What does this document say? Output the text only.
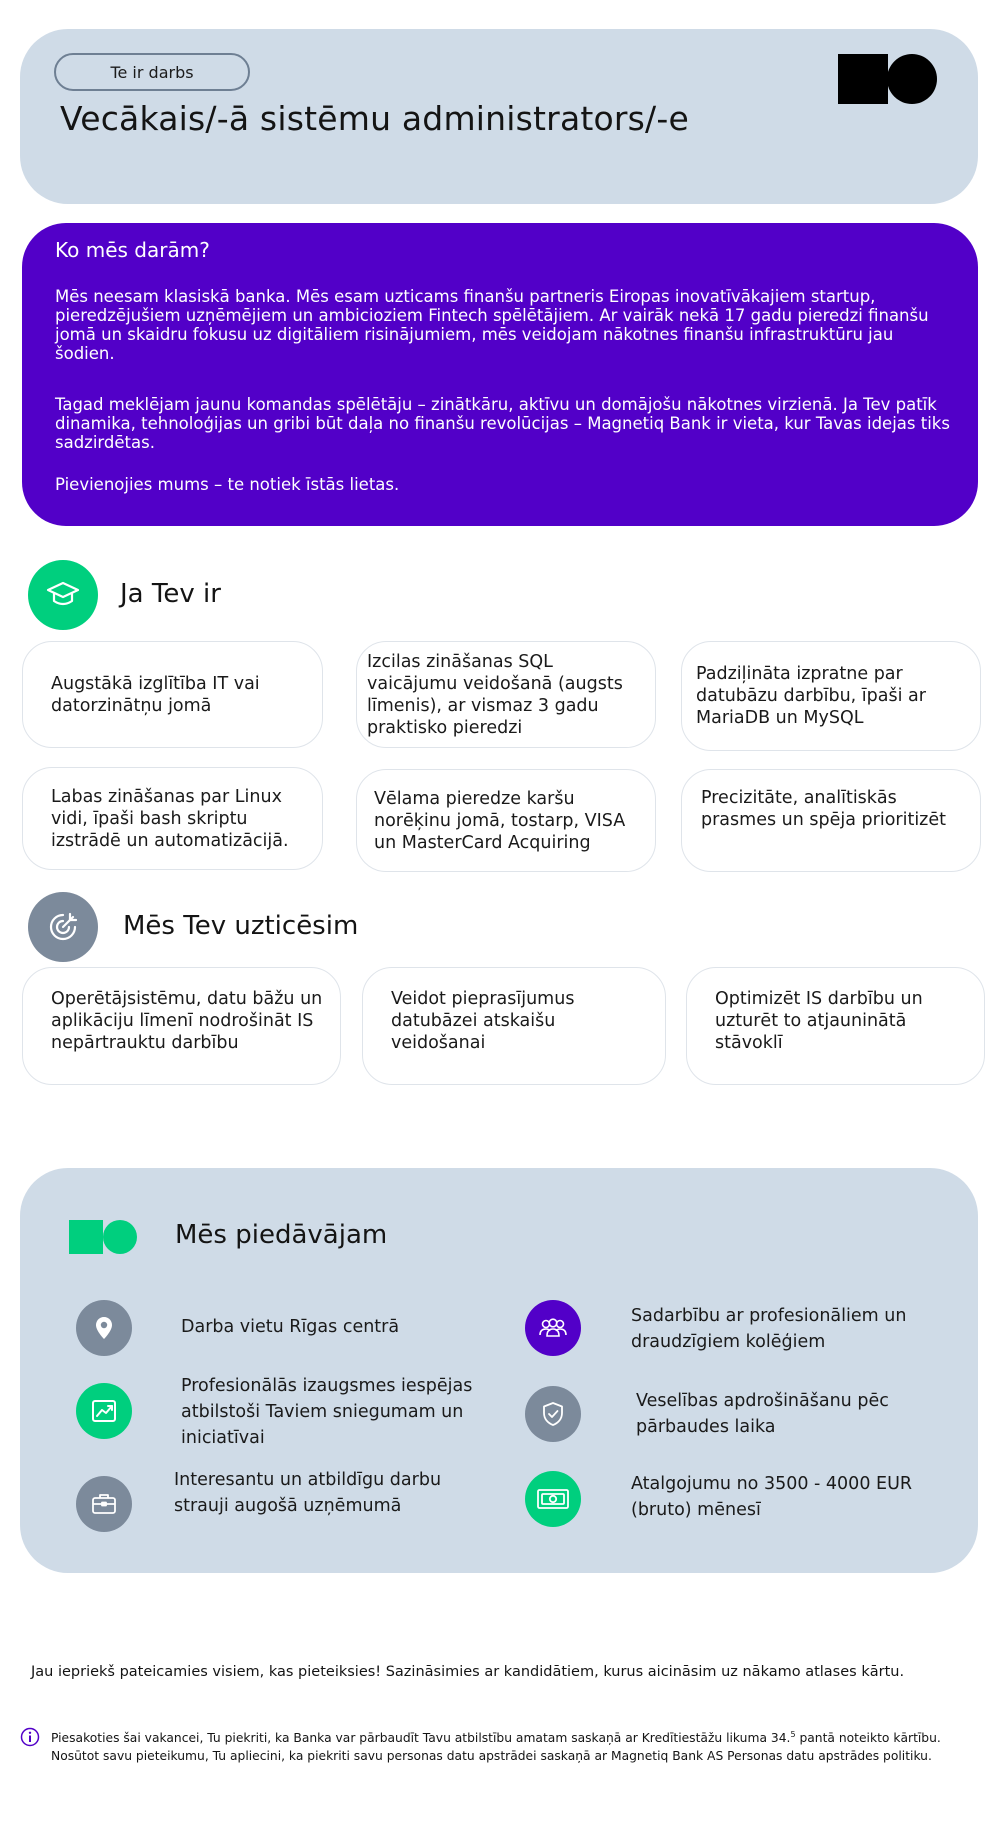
Te ir darbs
Vecākais/-ā sistēmu administrators/-e
Ko mēs darām?

Mēs neesam klasiskā banka. Mēs esam uzticams finanšu partneris Eiropas inovatīvākajiem startup, pieredzējušiem uzņēmējiem un ambicioziem Fintech spēlētājiem. Ar vairāk nekā 17 gadu pieredzi finanšu jomā un skaidru fokusu uz digitāliem risinājumiem, mēs veidojam nākotnes finanšu infrastruktūru jau šodien.

Tagad meklējam jaunu komandas spēlētāju – zinātkāru, aktīvu un domājošu nākotnes virzienā. Ja Tev patīk dinamika, tehnoloģijas un gribi būt daļa no finanšu revolūcijas – Magnetiq Bank ir vieta, kur Tavas idejas tiks sadzirdētas.

Pievienojies mums – te notiek īstās lietas.

Ja Tev ir
Augstākā izglītība IT vai datorzinātņu jomā
Izcilas zināšanas SQL vaicājumu veidošanā (augsts līmenis), ar vismaz 3 gadu praktisko pieredzi
Padziļināta izpratne par datubāzu darbību, īpaši ar MariaDB un MySQL
Labas zināšanas par Linux vidi, īpaši bash skriptu izstrādē un automatizācijā.
Vēlama pieredze karšu norēķinu jomā, tostarp, VISA un MasterCard Acquiring
Precizitāte, analītiskās prasmes un spēja prioritizēt
Mēs Tev uzticēsim
Operētājsistēmu, datu bāžu un aplikāciju līmenī nodrošināt IS nepārtrauktu darbību
Veidot pieprasījumus datubāzei atskaišu veidošanai
Optimizēt IS darbību un uzturēt to atjauninātā stāvoklī
Mēs piedāvājam
Darba vietu Rīgas centrā
Profesionālās izaugsmes iespējas atbilstoši Taviem sniegumam un iniciatīvai
Interesantu un atbildīgu darbu strauji augošā uzņēmumā
Sadarbību ar profesionāliem un draudzīgiem kolēģiem
Veselības apdrošināšanu pēc pārbaudes laika
Atalgojumu no 3500 - 4000 EUR (bruto) mēnesī
Jau iepriekš pateicamies visiem, kas pieteiksies! Sazināsimies ar kandidātiem, kurus aicināsim uz nākamo atlases kārtu.
Piesakoties šai vakancei, Tu piekriti, ka Banka var pārbaudīt Tavu atbilstību amatam saskaņā ar Kredītiestāžu likuma 34.$^5$ pantā noteikto kārtību.
Nosūtot savu pieteikumu, Tu apliecini, ka piekriti savu personas datu apstrādei saskaņā ar Magnetiq Bank AS Personas datu apstrādes politiku.
